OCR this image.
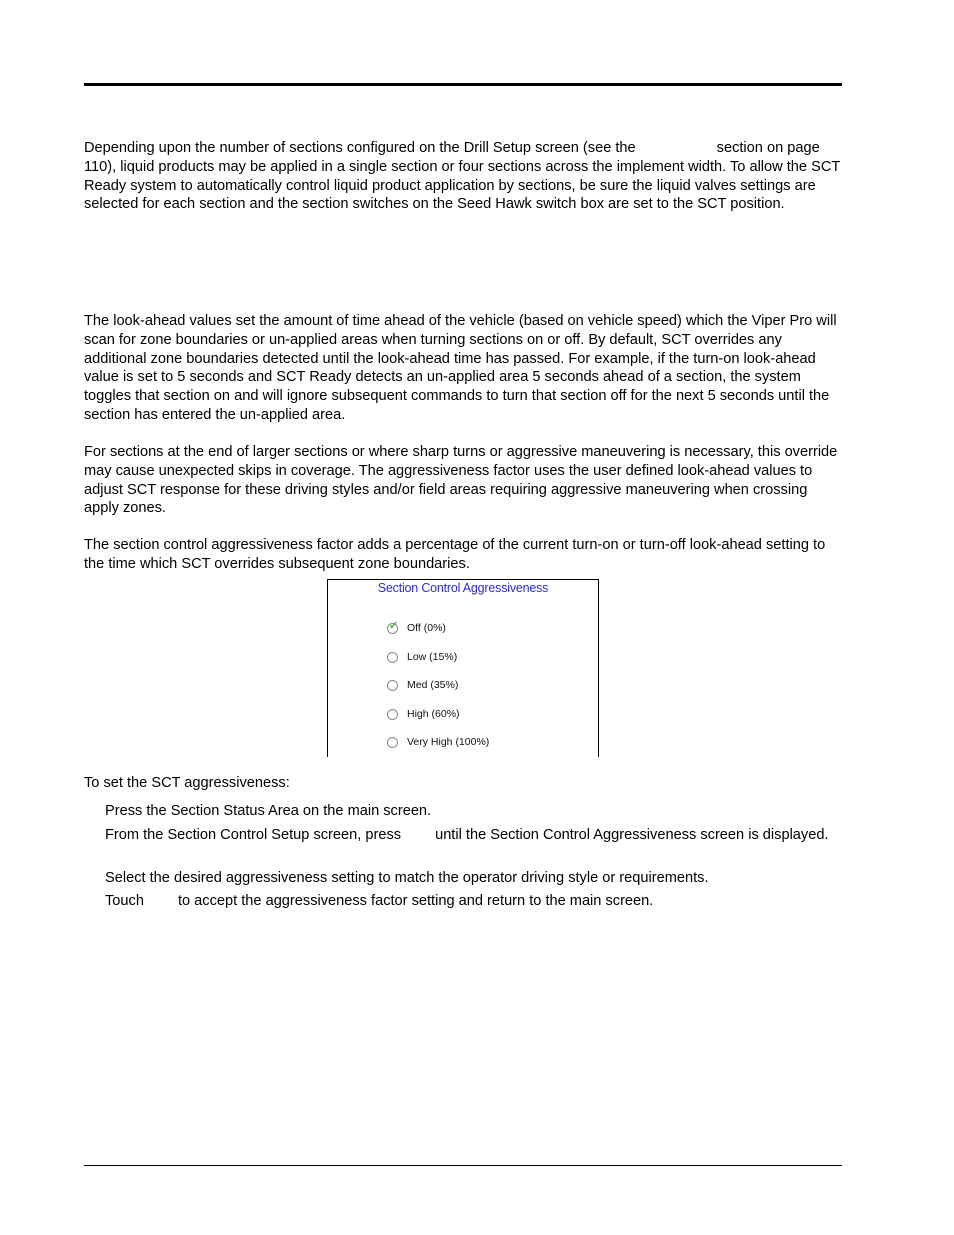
Depending upon the number of sections configured on the Drill Setup screen (see the	section on page 110), liquid products may be applied in a single section or four sections across the implement width. To allow the SCT Ready system to automatically control liquid product application by sections, be sure the liquid valves settings are selected for each section and the section switches on the Seed Hawk switch box are set to the SCT position.

The look-ahead values set the amount of time ahead of the vehicle (based on vehicle speed) which the Viper Pro will scan for zone boundaries or un-applied areas when turning sections on or off. By default, SCT overrides any additional zone boundaries detected until the look-ahead time has passed. For example, if the turn-on look-ahead value is set to 5 seconds and SCT Ready detects an un-applied area 5 seconds ahead of a section, the system toggles that section on and will ignore subsequent commands to turn that section off for the next 5 seconds until the section has entered the un-applied area.

For sections at the end of larger sections or where sharp turns or aggressive maneuvering is necessary, this override may cause unexpected skips in coverage. The aggressiveness factor uses the user defined look-ahead values to adjust SCT response for these driving styles and/or field areas requiring aggressive maneuvering when crossing apply zones.

The section control aggressiveness factor adds a percentage of the current turn-on or turn-off look-ahead setting to the time which SCT overrides subsequent zone boundaries.

Section Control Aggressiveness
✓ Off (0%)
Low (15%)
Med (35%)
High (60%)
Very High (100%)

To set the SCT aggressiveness:

Press the Section Status Area on the main screen.

From the Section Control Setup screen, press until the Section Control Aggressiveness screen is displayed.

Select the desired aggressiveness setting to match the operator driving style or requirements.

Touch to accept the aggressiveness factor setting and return to the main screen.
